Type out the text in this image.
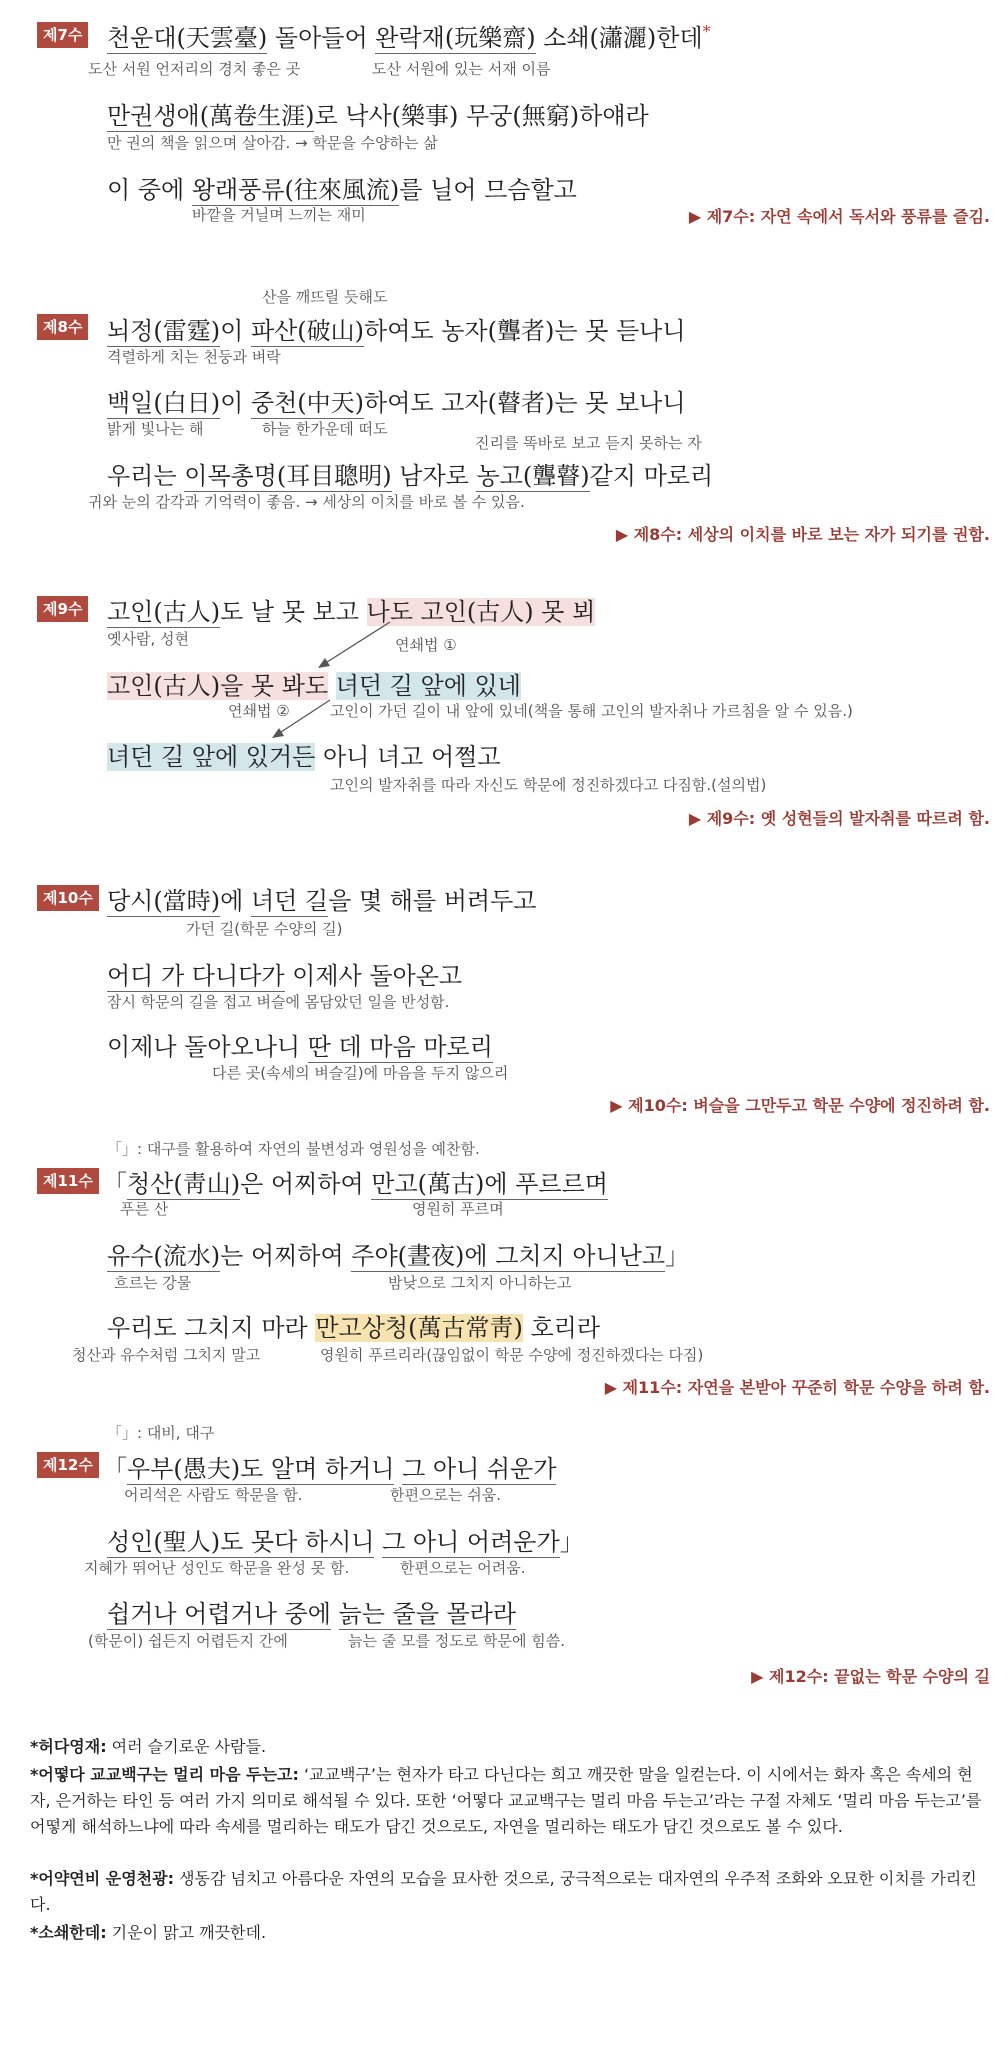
제7수 천운대(天雲臺) 돌아들어 완락재(玩樂齋) 소쇄(瀟灑)한데*
도산 서원 언저리의 경치 좋은 곳	도산 서원에 있는 서재 이름
만권생애(萬卷生涯)로 낙사(樂事) 무궁(無窮)하얘라
만 권의 책을 읽으며 살아감. → 학문을 수양하는 삶
이 중에 왕래풍류(往來風流)를 닐어 므슴할고
바깥을 거닐며 느끼는 재미	▶ 제7수: 자연 속에서 독서와 풍류를 즐김.
산을 깨뜨릴 듯해도
제8수 뇌정(雷霆)이 파산(破山)하여도 농자(聾者)는 못 듣나니
격렬하게 치는 천둥과 벼락
백일(白日)이 중천(中天)하여도 고자(瞽者)는 못 보나니
밝게 빛나는 해	하늘 한가운데 떠도
진리를 똑바로 보고 듣지 못하는 자
우리는 이목총명(耳目聰明) 남자로 농고(聾瞽)같지 마로리
귀와 눈의 감각과 기억력이 좋음. → 세상의 이치를 바로 볼 수 있음.
▶ 제8수: 세상의 이치를 바로 보는 자가 되기를 권함.
제9수 고인(古人)도 날 못 보고 나도 고인(古人) 못 뵈
옛사람, 성현	연쇄법 ①
고인(古人)을 못 봐도 녀던 길 앞에 있네
연쇄법 ②	고인이 가던 길이 내 앞에 있네(책을 통해 고인의 발자취나 가르침을 알 수 있음.)
녀던 길 앞에 있거든 아니 녀고 어쩔고
고인의 발자취를 따라 자신도 학문에 정진하겠다고 다짐함.(설의법)
▶ 제9수: 옛 성현들의 발자취를 따르려 함.
제10수 당시(當時)에 녀던 길을 몇 해를 버려두고
가던 길(학문 수양의 길)
어디 가 다니다가 이제사 돌아온고
잠시 학문의 길을 접고 벼슬에 몸담았던 일을 반성함.
이제나 돌아오나니 딴 데 마음 마로리
다른 곳(속세의 벼슬길)에 마음을 두지 않으리
▶ 제10수: 벼슬을 그만두고 학문 수양에 정진하려 함.
「」: 대구를 활용하여 자연의 불변성과 영원성을 예찬함.
제11수 「청산(靑山)은 어찌하여 만고(萬古)에 푸르르며
푸른 산	영원히 푸르며
유수(流水)는 어찌하여 주야(晝夜)에 그치지 아니난고」
흐르는 강물	밤낮으로 그치지 아니하는고
우리도 그치지 마라 만고상청(萬古常靑) 호리라
청산과 유수처럼 그치지 말고	영원히 푸르리라(끊임없이 학문 수양에 정진하겠다는 다짐)
▶ 제11수: 자연을 본받아 꾸준히 학문 수양을 하려 함.
「」: 대비, 대구
제12수 「우부(愚夫)도 알며 하거니 그 아니 쉬운가
어리석은 사람도 학문을 함.	한편으로는 쉬움.
성인(聖人)도 못다 하시니 그 아니 어려운가」
지혜가 뛰어난 성인도 학문을 완성 못 함.	한편으로는 어려움.
쉽거나 어렵거나 중에 늙는 줄을 몰라라
(학문이) 쉽든지 어렵든지 간에	늙는 줄 모를 정도로 학문에 힘씀.
▶ 제12수: 끝없는 학문 수양의 길
*허다영재: 여러 슬기로운 사람들.
*어떻다 교교백구는 멀리 마음 두는고: ‘교교백구’는 현자가 타고 다닌다는 희고 깨끗한 말을 일컫는다. 이 시에서는 화자 혹은 속세의 현자, 은거하는 타인 등 여러 가지 의미로 해석될 수 있다. 또한 ‘어떻다 교교백구는 멀리 마음 두는고’라는 구절 자체도 ‘멀리 마음 두는고’를 어떻게 해석하느냐에 따라 속세를 멀리하는 태도가 담긴 것으로도, 자연을 멀리하는 태도가 담긴 것으로도 볼 수 있다.
*어약연비 운영천광: 생동감 넘치고 아름다운 자연의 모습을 묘사한 것으로, 궁극적으로는 대자연의 우주적 조화와 오묘한 이치를 가리킨다.
*소쇄한데: 기운이 맑고 깨끗한데.
